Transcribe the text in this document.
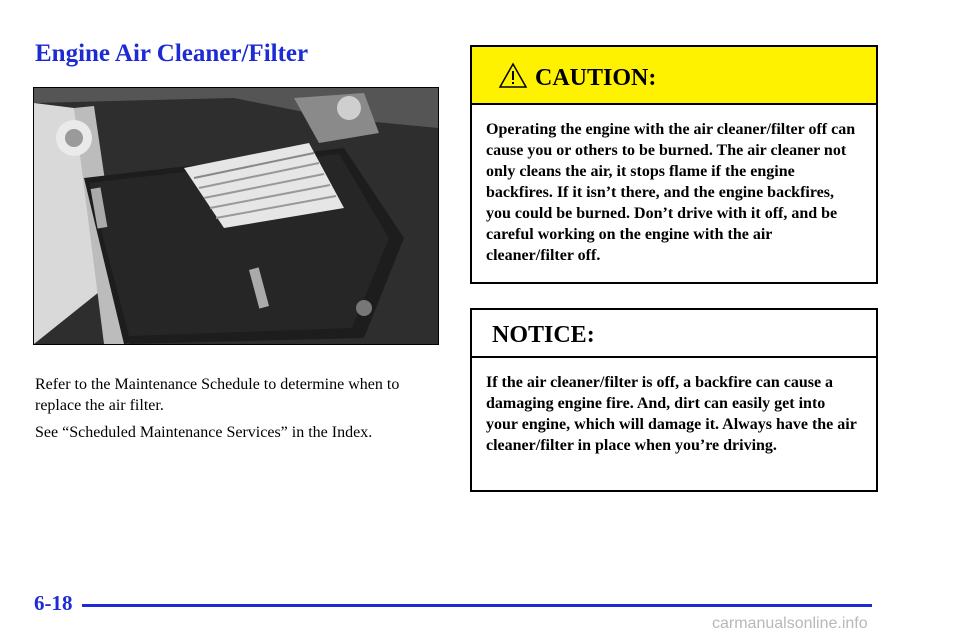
Engine Air Cleaner/Filter

Refer to the Maintenance Schedule to determine when to replace the air filter.

See “Scheduled Maintenance Services” in the Index.

CAUTION:

Operating the engine with the air cleaner/filter off can cause you or others to be burned. The air cleaner not only cleans the air, it stops flame if the engine backfires. If it isn’t there, and the engine backfires, you could be burned. Don’t drive with it off, and be careful working on the engine with the air cleaner/filter off.

NOTICE:

If the air cleaner/filter is off, a backfire can cause a damaging engine fire. And, dirt can easily get into your engine, which will damage it. Always have the air cleaner/filter in place when you’re driving.

6-18
carmanualsonline.info
